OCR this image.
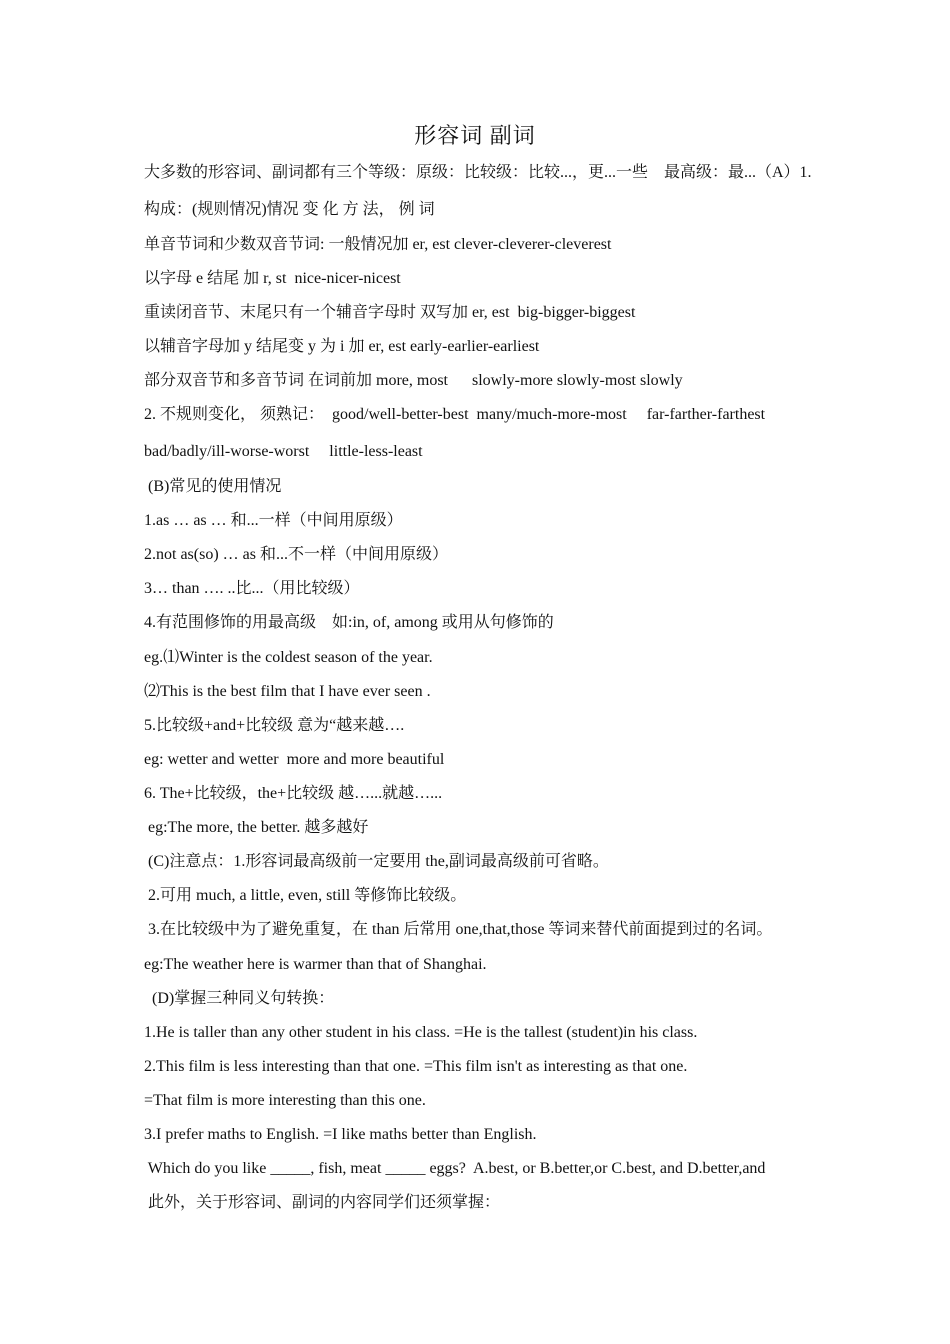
形容词 副词
大多数的形容词、副词都有三个等级：原级：比较级：比较...，更...一些　最高级：最...（A）1.
构成：(规则情况)情况 变 化 方 法， 例 词
单音节词和少数双音节词: 一般情况加 er, est clever-cleverer-cleverest
以字母 e 结尾 加 r, st  nice-nicer-nicest
重读闭音节、末尾只有一个辅音字母时 双写加 er, est  big-bigger-biggest
以辅音字母加 y 结尾变 y 为 i 加 er, est early-earlier-earliest
部分双音节和多音节词 在词前加 more, most      slowly-more slowly-most slowly
2. 不规则变化， 须熟记：  good/well-better-best  many/much-more-most     far-farther-farthest
bad/badly/ill-worse-worst     little-less-least
(B)常见的使用情况
1.as … as … 和...一样（中间用原级）
2.not as(so) … as 和...不一样（中间用原级）
3… than …. ..比...（用比较级）
4.有范围修饰的用最高级　如:in, of, among 或用从句修饰的
eg.⑴Winter is the coldest season of the year.
⑵This is the best film that I have ever seen .
5.比较级+and+比较级 意为“越来越….
eg: wetter and wetter  more and more beautiful
6. The+比较级，the+比较级 越…...就越…...
eg:The more, the better. 越多越好
(C)注意点：1.形容词最高级前一定要用 the,副词最高级前可省略。
2.可用 much, a little, even, still 等修饰比较级。
3.在比较级中为了避免重复，在 than 后常用 one,that,those 等词来替代前面提到过的名词。
eg:The weather here is warmer than that of Shanghai.
(D)掌握三种同义句转换：
1.He is taller than any other student in his class. =He is the tallest (student)in his class.
2.This film is less interesting than that one. =This film isn't as interesting as that one.
=That film is more interesting than this one.
3.I prefer maths to English. =I like maths better than English.
Which do you like _____, fish, meat _____ eggs?  A.best, or B.better,or C.best, and D.better,and
此外，关于形容词、副词的内容同学们还须掌握：
